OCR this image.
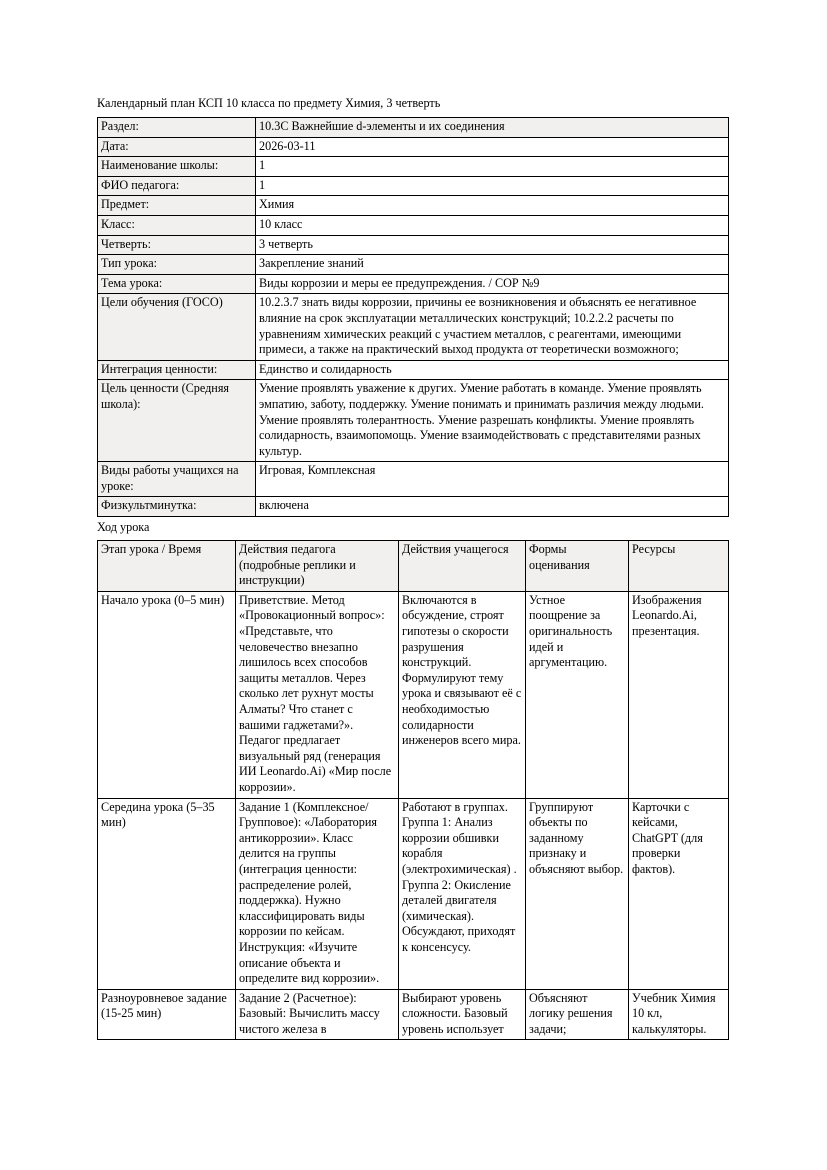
Календарный план КСП 10 класса по предмету Химия, 3 четверть

Раздел:	10.3C Важнейшие d-элементы и их соединения
Дата:	2026-03-11
Наименование школы:	1
ФИО педагога:	1
Предмет:	Химия
Класс:	10 класс
Четверть:	3 четверть
Тип урока:	Закрепление знаний
Тема урока:	Виды коррозии и меры ее предупреждения. / СОР №9
Цели обучения (ГОСО)	10.2.3.7 знать виды коррозии, причины ее возникновения и объяснять ее негативное влияние на срок эксплуатации металлических конструкций; 10.2.2.2 расчеты по уравнениям химических реакций с участием металлов, с реагентами, имеющими примеси, а также на практический выход продукта от теоретически возможного;
Интеграция ценности:	Единство и солидарность
Цель ценности (Средняя школа):	Умение проявлять уважение к других. Умение работать в команде. Умение проявлять эмпатию, заботу, поддержку. Умение понимать и принимать различия между людьми. Умение проявлять толерантность. Умение разрешать конфликты. Умение проявлять солидарность, взаимопомощь. Умение взаимодействовать с представителями разных культур.
Виды работы учащихся на уроке:	Игровая, Комплексная
Физкультминутка:	включена

Ход урока

Этап урока / Время	Действия педагога (подробные реплики и инструкции)	Действия учащегося	Формы оценивания	Ресурсы
Начало урока (0–5 мин)	Приветствие. Метод «Провокационный вопрос»: «Представьте, что человечество внезапно лишилось всех способов защиты металлов. Через сколько лет рухнут мосты Алматы? Что станет с вашими гаджетами?». Педагог предлагает визуальный ряд (генерация ИИ Leonardo.Ai) «Мир после коррозии».	Включаются в обсуждение, строят гипотезы о скорости разрушения конструкций. Формулируют тему урока и связывают её с необходимостью солидарности инженеров всего мира.	Устное поощрение за оригинальность идей и аргументацию.	Изображения Leonardo.Ai, презентация.
Середина урока (5–35 мин)	Задание 1 (Комплексное/Групповое): «Лаборатория антикоррозии». Класс делится на группы (интеграция ценности: распределение ролей, поддержка). Нужно классифицировать виды коррозии по кейсам. Инструкция: «Изучите описание объекта и определите вид коррозии».	Работают в группах. Группа 1: Анализ коррозии обшивки корабля (электрохимическая) . Группа 2: Окисление деталей двигателя (химическая). Обсуждают, приходят к консенсусу.	Группируют объекты по заданному признаку и объясняют выбор.	Карточки с кейсами, ChatGPT (для проверки фактов).
Разноуровневое задание (15-25 мин)	Задание 2 (Расчетное): Базовый: Вычислить массу чистого железа в	Выбирают уровень сложности. Базовый уровень использует	Объясняют логику решения задачи;	Учебник Химия 10 кл, калькуляторы.
